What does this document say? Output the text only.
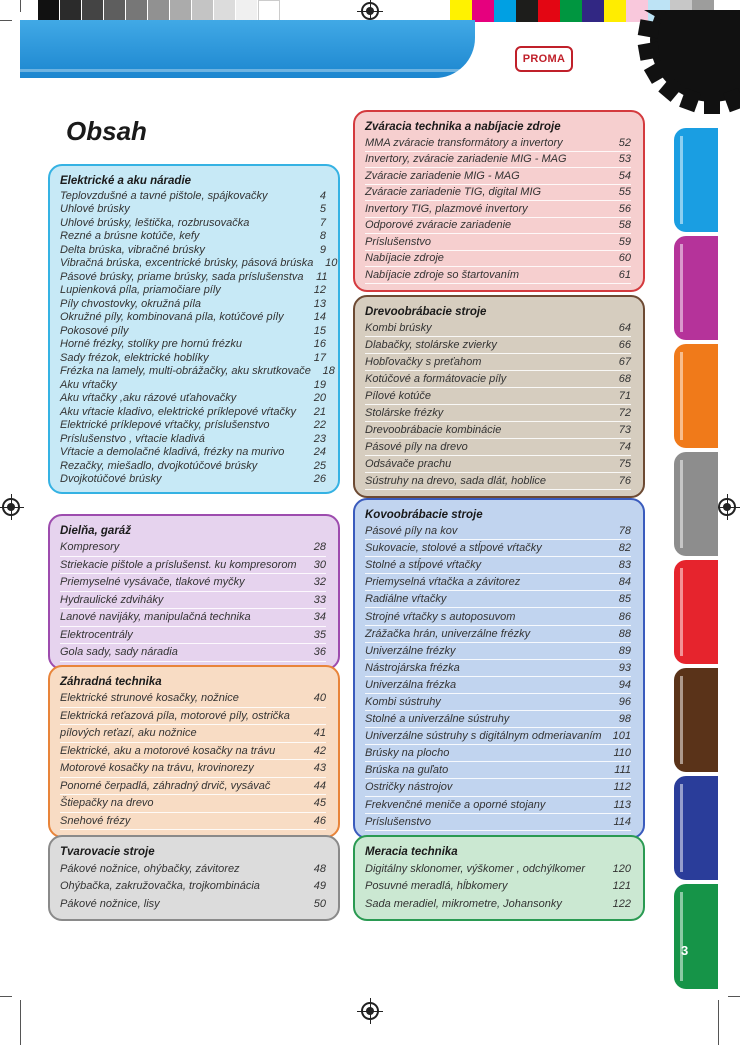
PROMA
Obsah
Elektrické a aku náradie
Teplovzdušné a tavné pištole, spájkovačky	4
Uhlové brúsky	5
Uhlové brúsky, leštička, rozbrusovačka	7
Rezné a brúsne kotúče, kefy	8
Delta brúska, vibračné brúsky	9
Vibračná brúska, excentrické brúsky, pásová brúska	10
Pásové brúsky, priame brúsky, sada príslušenstva	11
Lupienková píla, priamočiare píly	12
Píly chvostovky, okružná píla	13
Okružné píly, kombinovaná píla, kotúčové píly	14
Pokosové píly	15
Horné frézky, stolíky pre hornú frézku	16
Sady frézok, elektrické hoblíky	17
Frézka na lamely, multi-obrážačky, aku skrutkovače	18
Aku vŕtačky	19
Aku vŕtačky ,aku rázové uťahovačky	20
Aku vŕtacie kladivo, elektrické príklepové vŕtačky	21
Elektrické príklepové vŕtačky, príslušenstvo	22
Príslušenstvo , vŕtacie kladivá	23
Vŕtacie a demolačné kladivá, frézky na murivo	24
Rezačky, miešadlo, dvojkotúčové brúsky	25
Dvojkotúčové brúsky	26
Dielňa, garáž
Kompresory	28
Striekacie pištole a príslušenst. ku kompresorom	30
Priemyselné vysávače, tlakové myčky	32
Hydraulické zdviháky	33
Lanové navijáky, manipulačná technika	34
Elektrocentrály	35
Gola sady, sady náradia	36
Záhradná technika
Elektrické strunové kosačky, nožnice	40
Elektrická reťazová píla, motorové píly, ostrička
pílových reťazí, aku nožnice	41
Elektrické, aku a motorové kosačky na trávu	42
Motorové kosačky na trávu, krovinorezy	43
Ponorné čerpadlá, záhradný drvič, vysávač	44
Štiepačky na drevo	45
Snehové frézy	46
Tvarovacie stroje
Pákové nožnice, ohýbačky, závitorez	48
Ohýbačka, zakružovačka, trojkombinácia	49
Pákové nožnice, lisy	50
Zváracia technika a nabíjacie zdroje
MMA zváracie transformátory a invertory	52
Invertory, zváracie zariadenie MIG - MAG	53
Zváracie zariadenie MIG - MAG	54
Zváracie zariadenie TIG, digital MIG	55
Invertory TIG, plazmové invertory	56
Odporové zváracie zariadenie	58
Príslušenstvo	59
Nabíjacie zdroje	60
Nabíjacie zdroje so štartovaním	61
Drevoobrábacie stroje
Kombi brúsky	64
Dlabačky, stolárske zvierky	66
Hobľovačky s preťahom	67
Kotúčové a formátovacie píly	68
Pílové kotúče	71
Stolárske frézky	72
Drevoobrábacie kombinácie	73
Pásové píly na drevo	74
Odsávače prachu	75
Sústruhy na drevo, sada dlát, hoblice	76
Kovoobrábacie stroje
Pásové píly na kov	78
Sukovacie, stolové a stĺpové vŕtačky	82
Stolné a stĺpové vŕtačky	83
Priemyselná vŕtačka a závitorez	84
Radiálne vŕtačky	85
Strojné vŕtačky s autoposuvom	86
Zrážačka hrán, univerzálne frézky	88
Univerzálne frézky	89
Nástrojárska frézka	93
Univerzálna frézka	94
Kombi sústruhy	96
Stolné a univerzálne sústruhy	98
Univerzálne sústruhy s digitálnym odmeriavaním	101
Brúsky na plocho	110
Brúska na guľato	111
Ostričky nástrojov	112
Frekvenčné meniče a oporné stojany	113
Príslušenstvo	114
Meracia technika
Digitálny sklonomer, výškomer , odchýlkomer	120
Posuvné meradlá, hĺbkomery	121
Sada meradiel, mikrometre, Johansonky	122
3
